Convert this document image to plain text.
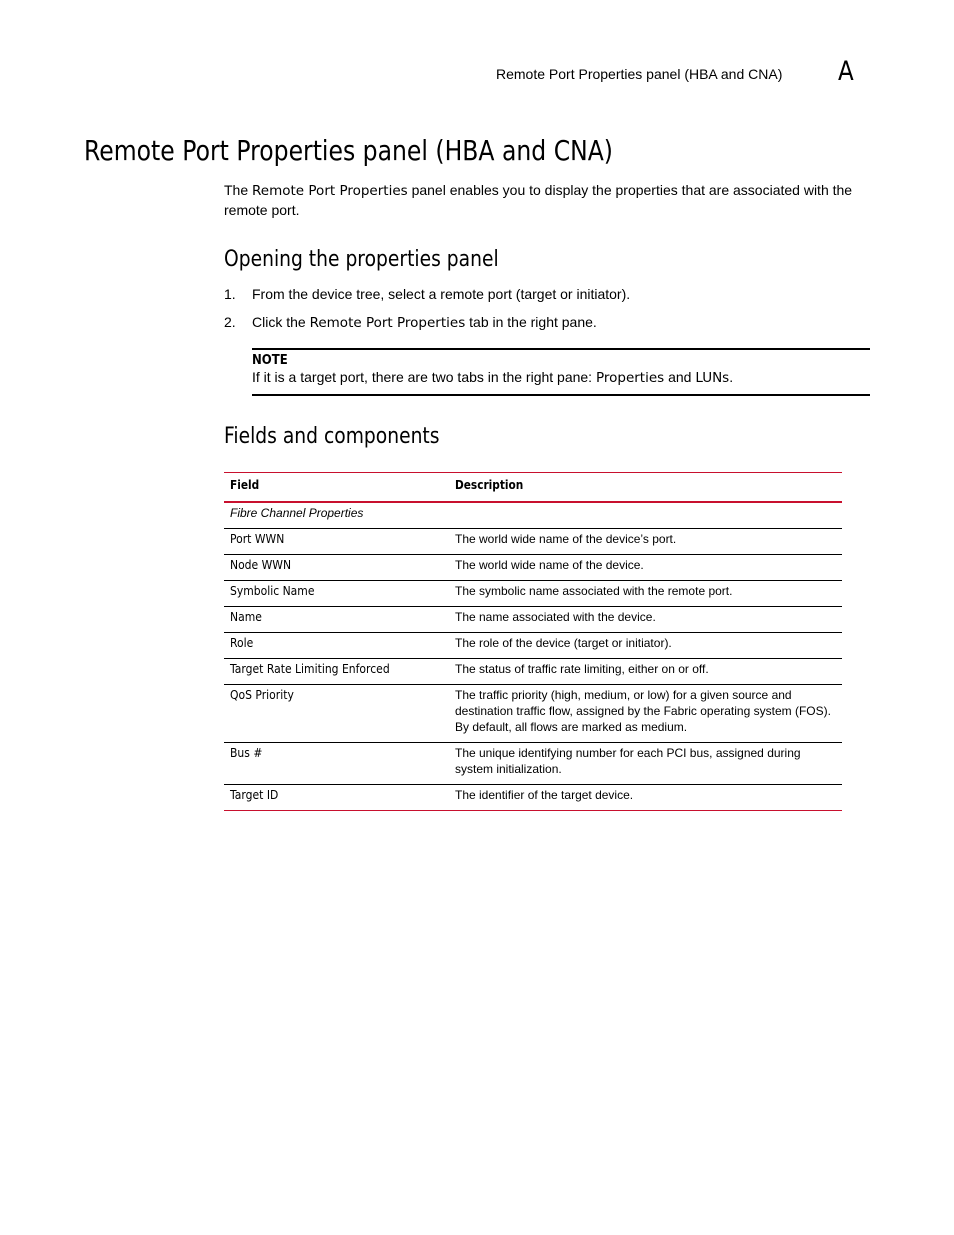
Remote Port Properties panel (HBA and CNA) A
Remote Port Properties panel (HBA and CNA)

The Remote Port Properties panel enables you to display the properties that are associated with the remote port.

Opening the properties panel
1. From the device tree, select a remote port (target or initiator).
2. Click the Remote Port Properties tab in the right pane.
NOTE
If it is a target port, there are two tabs in the right pane: Properties and LUNs.
Fields and components
Field	Description
Fibre Channel Properties	
Port WWN	The world wide name of the device’s port.
Node WWN	The world wide name of the device.
Symbolic Name	The symbolic name associated with the remote port.
Name	The name associated with the device.
Role	The role of the device (target or initiator).
Target Rate Limiting Enforced	The status of traffic rate limiting, either on or off.
QoS Priority	The traffic priority (high, medium, or low) for a given source and destination traffic flow, assigned by the Fabric operating system (FOS). By default, all flows are marked as medium.
Bus #	The unique identifying number for each PCI bus, assigned during system initialization.
Target ID	The identifier of the target device.
